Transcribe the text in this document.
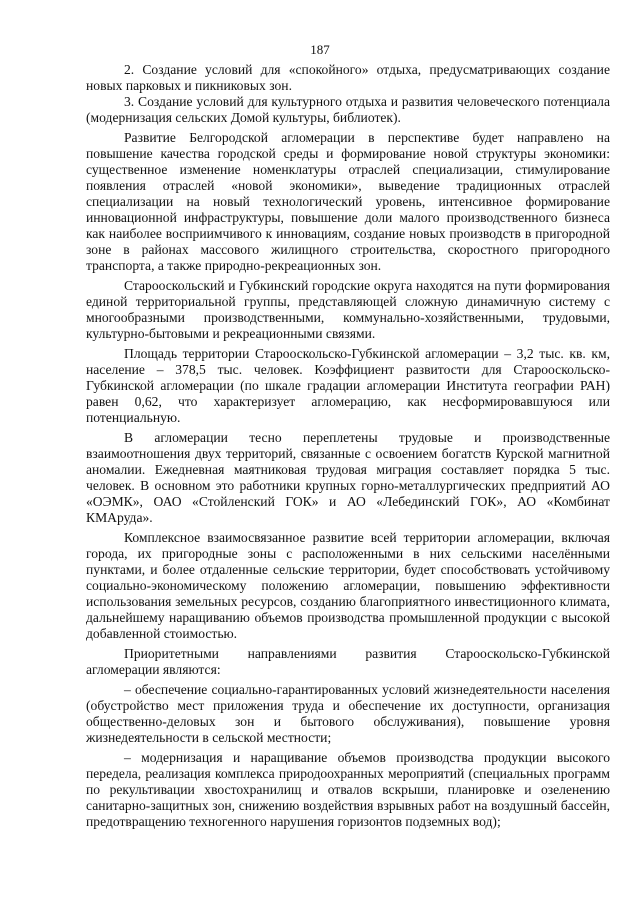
187

2. Создание условий для «спокойного» отдыха, предусматривающих создание новых парковых и пикниковых зон.

3. Создание условий для культурного отдыха и развития человеческого потенциала (модернизация сельских Домой культуры, библиотек).

Развитие Белгородской агломерации в перспективе будет направлено на повышение качества городской среды и формирование новой структуры экономики: существенное изменение номенклатуры отраслей специализации, стимулирование появления отраслей «новой экономики», выведение традиционных отраслей специализации на новый технологический уровень, интенсивное формирование инновационной инфраструктуры, повышение доли малого производственного бизнеса как наиболее восприимчивого к инновациям, создание новых производств в пригородной зоне в районах массового жилищного строительства, скоростного пригородного транспорта, а также природно-рекреационных зон.

Старооскольский и Губкинский городские округа находятся на пути формирования единой территориальной группы, представляющей сложную динамичную систему с многообразными производственными, коммунально-хозяйственными, трудовыми, культурно-бытовыми и рекреационными связями.

Площадь территории Старооскольско-Губкинской агломерации – 3,2 тыс. кв. км, население – 378,5 тыс. человек. Коэффициент развитости для Старооскольско-Губкинской агломерации (по шкале градации агломерации Института географии РАН) равен 0,62, что характеризует агломерацию, как несформировавшуюся или потенциальную.

В агломерации тесно переплетены трудовые и производственные взаимоотношения двух территорий, связанные с освоением богатств Курской магнитной аномалии. Ежедневная маятниковая трудовая миграция составляет порядка 5 тыс. человек. В основном это работники крупных горно-металлургических предприятий АО «ОЭМК», ОАО «Стойленский ГОК» и АО «Лебединский ГОК», АО «Комбинат КМАруда».

Комплексное взаимосвязанное развитие всей территории агломерации, включая города, их пригородные зоны с расположенными в них сельскими населёнными пунктами, и более отдаленные сельские территории, будет способствовать устойчивому социально-экономическому положению агломерации, повышению эффективности использования земельных ресурсов, созданию благоприятного инвестиционного климата, дальнейшему наращиванию объемов производства промышленной продукции с высокой добавленной стоимостью.

Приоритетными направлениями развития Старооскольско-Губкинской агломерации являются:

– обеспечение социально-гарантированных условий жизнедеятельности населения (обустройство мест приложения труда и обеспечение их доступности, организация общественно-деловых зон и бытового обслуживания), повышение уровня жизнедеятельности в сельской местности;

– модернизация и наращивание объемов производства продукции высокого передела, реализация комплекса природоохранных мероприятий (специальных программ по рекультивации хвостохранилищ и отвалов вскрыши, планировке и озеленению санитарно-защитных зон, снижению воздействия взрывных работ на воздушный бассейн, предотвращению техногенного нарушения горизонтов подземных вод);
